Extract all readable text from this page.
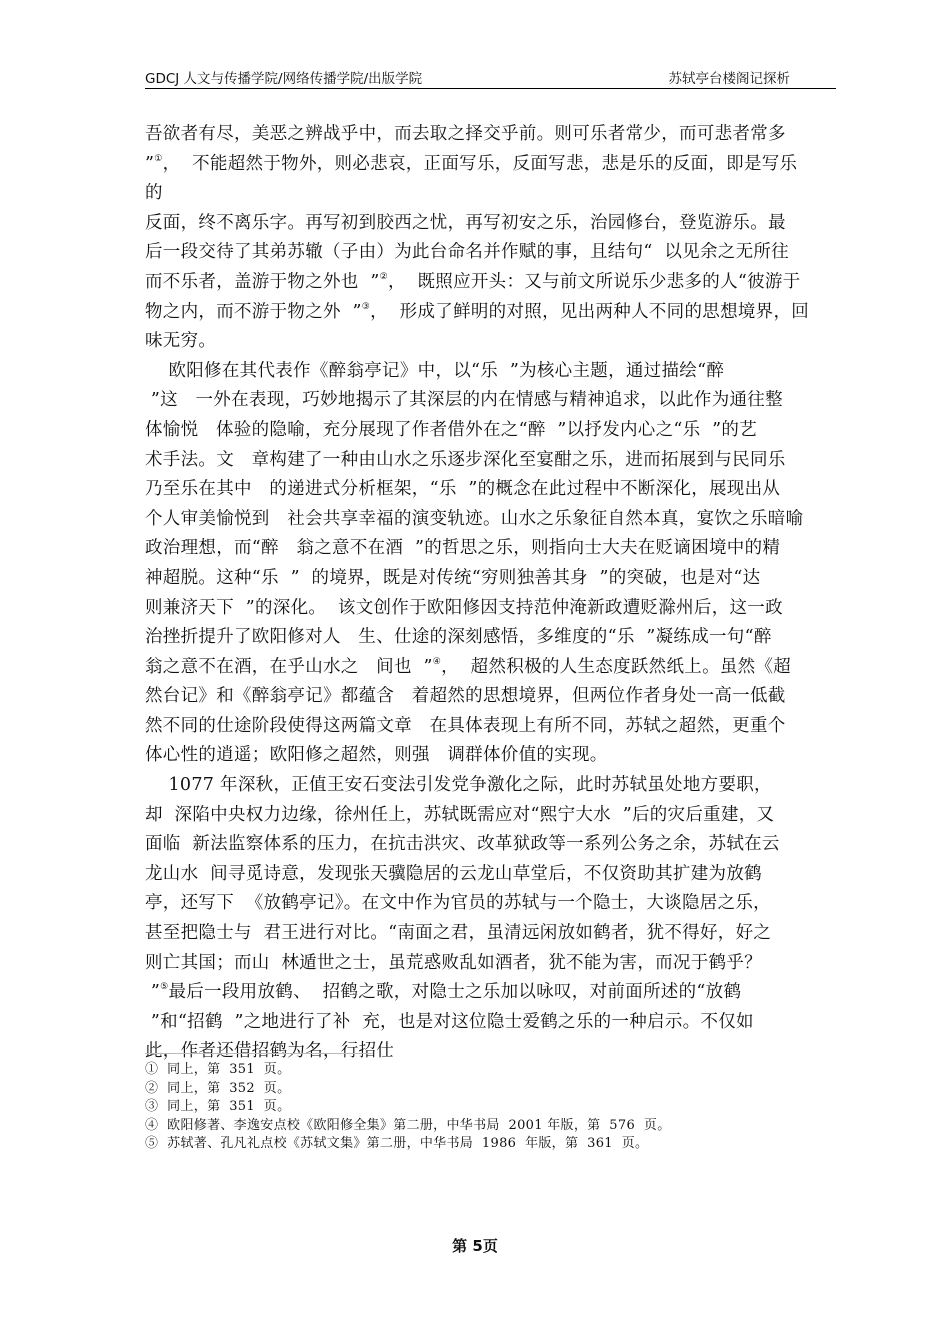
GDCJ 人文与传播学院/网络传播学院/出版学院	苏轼亭台楼阁记探析
吾欲者有尽，美恶之辨战乎中，而去取之择交乎前。则可乐者常少，而可悲者常多
”①，  不能超然于物外，则必悲哀，正面写乐，反面写悲，悲是乐的反面，即是写乐
的
反面，终不离乐字。再写初到胶西之忧，再写初安之乐，治园修台，登览游乐。最
后一段交待了其弟苏辙（子由）为此台命名并作赋的事，且结句“  以见余之无所往
而不乐者，盖游于物之外也  ”②，  既照应开头：又与前文所说乐少悲多的人“彼游于
物之内，而不游于物之外  ”③，  形成了鲜明的对照，见出两种人不同的思想境界，回
味无穷。
欧阳修在其代表作《醉翁亭记》中，以“乐  ”为核心主题，通过描绘“醉
”这   一外在表现，巧妙地揭示了其深层的内在情感与精神追求，以此作为通往整
体愉悦   体验的隐喻，充分展现了作者借外在之“醉  ”以抒发内心之“乐  ”的艺
术手法。文   章构建了一种由山水之乐逐步深化至宴酣之乐，进而拓展到与民同乐
乃至乐在其中   的递进式分析框架，“乐  ”的概念在此过程中不断深化，展现出从
个人审美愉悦到   社会共享幸福的演变轨迹。山水之乐象征自然本真，宴饮之乐暗喻
政治理想，而“醉   翁之意不在酒  ”的哲思之乐，则指向士大夫在贬谪困境中的精
神超脱。这种“乐  ”  的境界，既是对传统“穷则独善其身  ”的突破，也是对“达
则兼济天下  ”的深化。  该文创作于欧阳修因支持范仲淹新政遭贬滁州后，这一政
治挫折提升了欧阳修对人   生、仕途的深刻感悟，多维度的“乐  ”凝练成一句“醉
翁之意不在酒，在乎山水之   间也  ”④，  超然积极的人生态度跃然纸上。虽然《超
然台记》和《醉翁亭记》都蕴含   着超然的思想境界，但两位作者身处一高一低截
然不同的仕途阶段使得这两篇文章   在具体表现上有所不同，苏轼之超然，更重个
体心性的逍遥；欧阳修之超然，则强   调群体价值的实现。
1077 年深秋，正值王安石变法引发党争激化之际，此时苏轼虽处地方要职，
却  深陷中央权力边缘，徐州任上，苏轼既需应对“熙宁大水  ”后的灾后重建，又
面临  新法监察体系的压力，在抗击洪灾、改革狱政等一系列公务之余，苏轼在云
龙山水  间寻觅诗意，发现张天骥隐居的云龙山草堂后，不仅资助其扩建为放鹤
亭，还写下  《放鹤亭记》。在文中作为官员的苏轼与一个隐士，大谈隐居之乐，
甚至把隐士与  君王进行对比。“南面之君，虽清远闲放如鹤者，犹不得好，好之
则亡其国；而山  林遁世之士，虽荒惑败乱如酒者，犹不能为害，而况于鹤乎？
”⑤最后一段用放鹤、  招鹤之歌，对隐士之乐加以咏叹，对前面所述的“放鹤
”和“招鹤  ”之地进行了补  充，也是对这位隐士爱鹤之乐的一种启示。不仅如
此，作者还借招鹤为名，行招仕
①  同上，第  351  页。
②  同上，第  352  页。
③  同上，第  351  页。
④  欧阳修著、李逸安点校《欧阳修全集》第二册，中华书局  2001 年版，第  576  页。
⑤  苏轼著、孔凡礼点校《苏轼文集》第二册，中华书局  1986  年版，第  361  页。
第 5页
